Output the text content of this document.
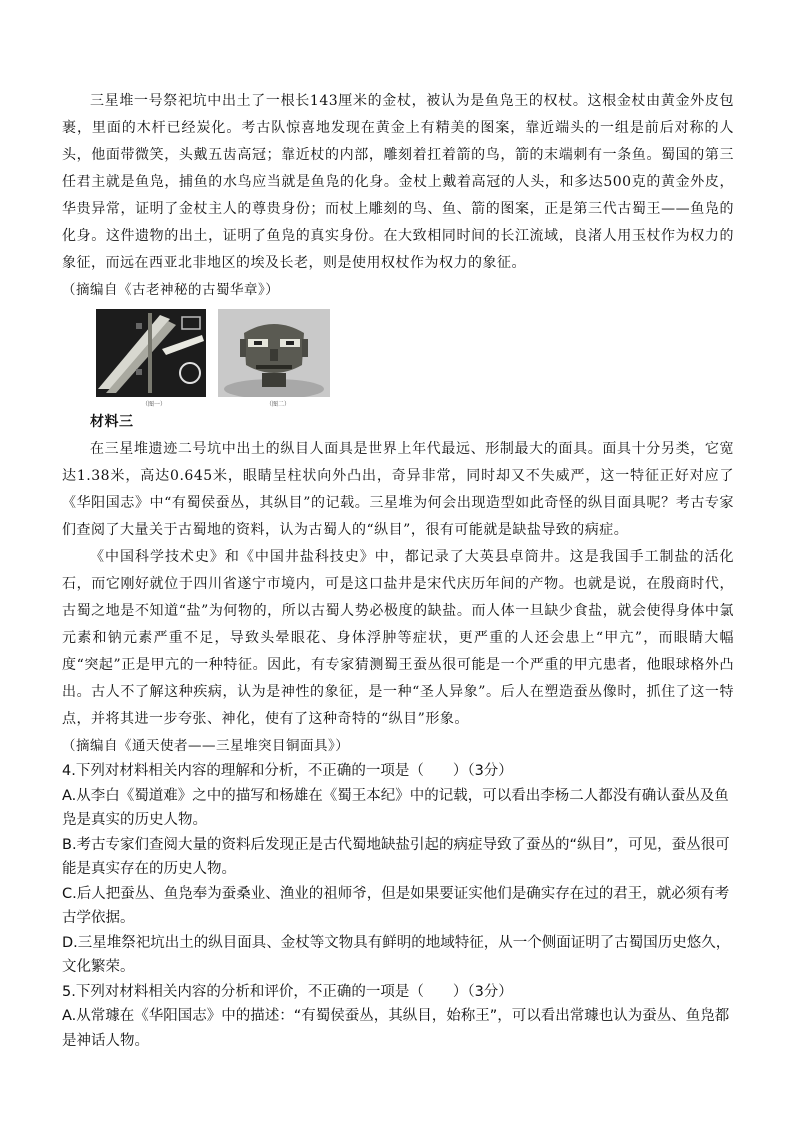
三星堆一号祭祀坑中出土了一根长143厘米的金杖，被认为是鱼凫王的权杖。这根金杖由黄金外皮包裹，里面的木杆已经炭化。考古队惊喜地发现在黄金上有精美的图案，靠近端头的一组是前后对称的人头，他面带微笑，头戴五齿高冠；靠近杖的内部，雕刻着扛着箭的鸟，箭的末端刺有一条鱼。蜀国的第三任君主就是鱼凫，捕鱼的水鸟应当就是鱼凫的化身。金杖上戴着高冠的人头，和多达500克的黄金外皮，华贵异常，证明了金杖主人的尊贵身份；而杖上雕刻的鸟、鱼、箭的图案，正是第三代古蜀王——鱼凫的化身。这件遗物的出土，证明了鱼凫的真实身份。在大致相同时间的长江流域，良渚人用玉杖作为权力的象征，而远在西亚北非地区的埃及长老，则是使用权杖作为权力的象征。

（摘编自《古老神秘的古蜀华章》）

（图一）	（图二）

材料三

在三星堆遗迹二号坑中出土的纵目人面具是世界上年代最远、形制最大的面具。面具十分另类，它宽达1.38米，高达0.645米，眼睛呈柱状向外凸出，奇异非常，同时却又不失威严，这一特征正好对应了《华阳国志》中“有蜀侯蚕丛，其纵目”的记载。三星堆为何会出现造型如此奇怪的纵目面具呢？考古专家们查阅了大量关于古蜀地的资料，认为古蜀人的“纵目”，很有可能就是缺盐导致的病症。

《中国科学技术史》和《中国井盐科技史》中，都记录了大英县卓筒井。这是我国手工制盐的活化石，而它刚好就位于四川省遂宁市境内，可是这口盐井是宋代庆历年间的产物。也就是说，在殷商时代，古蜀之地是不知道“盐”为何物的，所以古蜀人势必极度的缺盐。而人体一旦缺少食盐，就会使得身体中氯元素和钠元素严重不足，导致头晕眼花、身体浮肿等症状，更严重的人还会患上“甲亢”，而眼睛大幅度“突起”正是甲亢的一种特征。因此，有专家猜测蜀王蚕丛很可能是一个严重的甲亢患者，他眼球格外凸出。古人不了解这种疾病，认为是神性的象征，是一种“圣人异象”。后人在塑造蚕丛像时，抓住了这一特点，并将其进一步夸张、神化，使有了这种奇特的“纵目”形象。

（摘编自《通天使者——三星堆突目铜面具》）

4.下列对材料相关内容的理解和分析，不正确的一项是（　　）（3分）

A.从李白《蜀道难》之中的描写和杨雄在《蜀王本纪》中的记载，可以看出李杨二人都没有确认蚕丛及鱼凫是真实的历史人物。

B.考古专家们查阅大量的资料后发现正是古代蜀地缺盐引起的病症导致了蚕丛的“纵目”，可见，蚕丛很可能是真实存在的历史人物。

C.后人把蚕丛、鱼凫奉为蚕桑业、渔业的祖师爷，但是如果要证实他们是确实存在过的君王，就必须有考古学依据。

D.三星堆祭祀坑出土的纵目面具、金杖等文物具有鲜明的地域特征，从一个侧面证明了古蜀国历史悠久，文化繁荣。

5.下列对材料相关内容的分析和评价，不正确的一项是（　　）（3分）

A.从常璩在《华阳国志》中的描述：“有蜀侯蚕丛，其纵目，始称王”，可以看出常璩也认为蚕丛、鱼凫都是神话人物。
